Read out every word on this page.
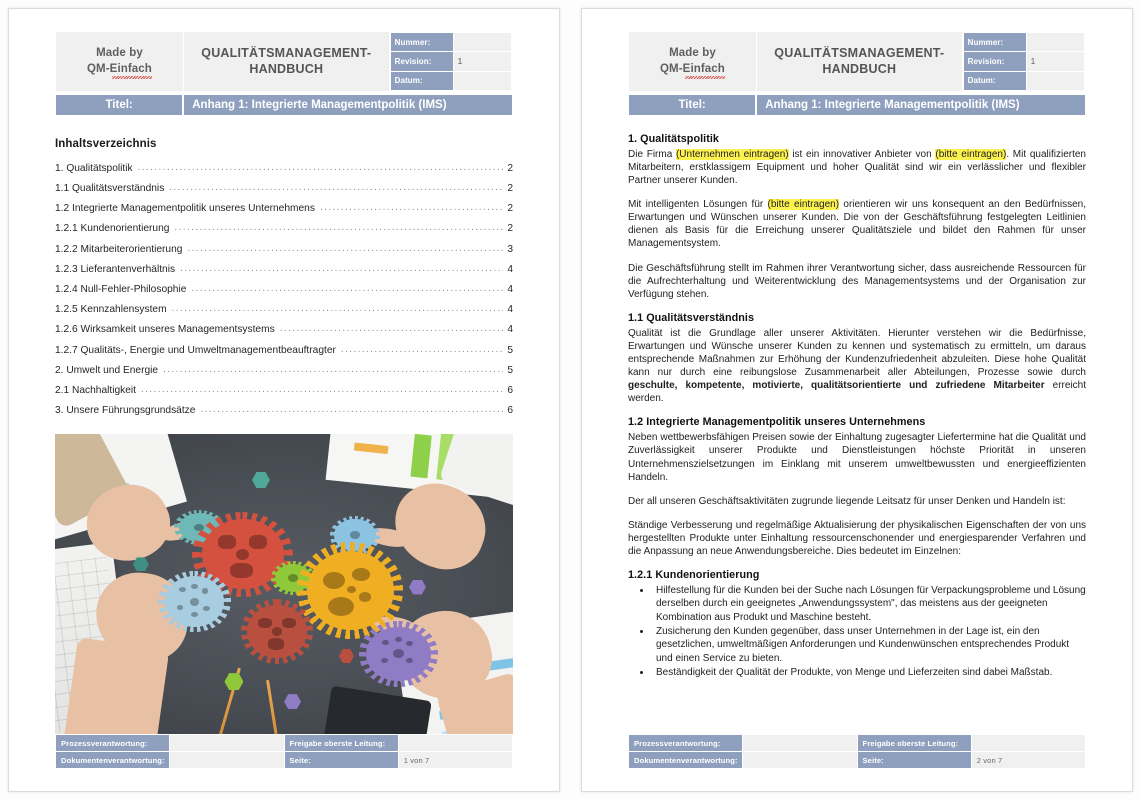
Made by
QM-Einfach

QUALITÄTSMANAGEMENT-
HANDBUCH

Nummer:	
Revision:	1
Datum:	
Titel:	Anhang 1: Integrierte Managementpolitik (IMS)
Inhaltsverzeichnis
1. Qualitätspolitik .....	2
1.1 Qualitätsverständnis .....	2
1.2 Integrierte Managementpolitik unseres Unternehmens .....	2
1.2.1 Kundenorientierung .....	2
1.2.2 Mitarbeiterorientierung .....	3
1.2.3 Lieferantenverhältnis .....	4
1.2.4 Null-Fehler-Philosophie .....	4
1.2.5 Kennzahlensystem .....	4
1.2.6 Wirksamkeit unseres Managementsystems .....	4
1.2.7 Qualitäts-, Energie und Umweltmanagementbeauftragter .....	5
2. Umwelt und Energie .....	5
2.1 Nachhaltigkeit .....	6
3. Unsere Führungsgrundsätze .....	6
Prozessverantwortung:		Freigabe oberste Leitung:	
Dokumentenverantwortung:		Seite:	1 von 7
Made by
QM-Einfach

QUALITÄTSMANAGEMENT-
HANDBUCH

Nummer:	
Revision:	1
Datum:	
Titel:	Anhang 1: Integrierte Managementpolitik (IMS)
1. Qualitätspolitik

Die Firma (Unternehmen eintragen) ist ein innovativer Anbieter von (bitte eintragen). Mit qualifizierten Mitarbeitern, erstklassigem Equipment und hoher Qualität sind wir ein verlässlicher und flexibler Partner unserer Kunden.

Mit intelligenten Lösungen für (bitte eintragen) orientieren wir uns konsequent an den Bedürfnissen, Erwartungen und Wünschen unserer Kunden. Die von der Geschäftsführung festgelegten Leitlinien dienen als Basis für die Erreichung unserer Qualitätsziele und bildet den Rahmen für unser Managementsystem.

Die Geschäftsführung stellt im Rahmen ihrer Verantwortung sicher, dass ausreichende Ressourcen für die Aufrechterhaltung und Weiterentwicklung des Managementsystems und der Organisation zur Verfügung stehen.

1.1 Qualitätsverständnis

Qualität ist die Grundlage aller unserer Aktivitäten. Hierunter verstehen wir die Bedürfnisse, Erwartungen und Wünsche unserer Kunden zu kennen und systematisch zu ermitteln, um daraus entsprechende Maßnahmen zur Erhöhung der Kundenzufriedenheit abzuleiten. Diese hohe Qualität kann nur durch eine reibungslose Zusammenarbeit aller Abteilungen, Prozesse sowie durch geschulte, kompetente, motivierte, qualitätsorientierte und zufriedene Mitarbeiter erreicht werden.

1.2 Integrierte Managementpolitik unseres Unternehmens

Neben wettbewerbsfähigen Preisen sowie der Einhaltung zugesagter Liefertermine hat die Qualität und Zuverlässigkeit unserer Produkte und Dienstleistungen höchste Priorität in unseren Unternehmenszielsetzungen im Einklang mit unserem umweltbewussten und energieeffizienten Handeln.

Der all unseren Geschäftsaktivitäten zugrunde liegende Leitsatz für unser Denken und Handeln ist:

Ständige Verbesserung und regelmäßige Aktualisierung der physikalischen Eigenschaften der von uns hergestellten Produkte unter Einhaltung ressourcenschonender und energiesparender Verfahren und die Anpassung an neue Anwendungsbereiche. Dies bedeutet im Einzelnen:

1.2.1 Kundenorientierung
• Hilfestellung für die Kunden bei der Suche nach Lösungen für Verpackungsprobleme und Lösung derselben durch ein geeignetes „Anwendungssystem", das meistens aus der geeigneten Kombination aus Produkt und Maschine besteht.
• Zusicherung den Kunden gegenüber, dass unser Unternehmen in der Lage ist, ein den gesetzlichen, umweltmäßigen Anforderungen und Kundenwünschen entsprechendes Produkt und einen Service zu bieten.
• Beständigkeit der Qualität der Produkte, von Menge und Lieferzeiten sind dabei Maßstab.
Prozessverantwortung:		Freigabe oberste Leitung:	
Dokumentenverantwortung:		Seite:	2 von 7
